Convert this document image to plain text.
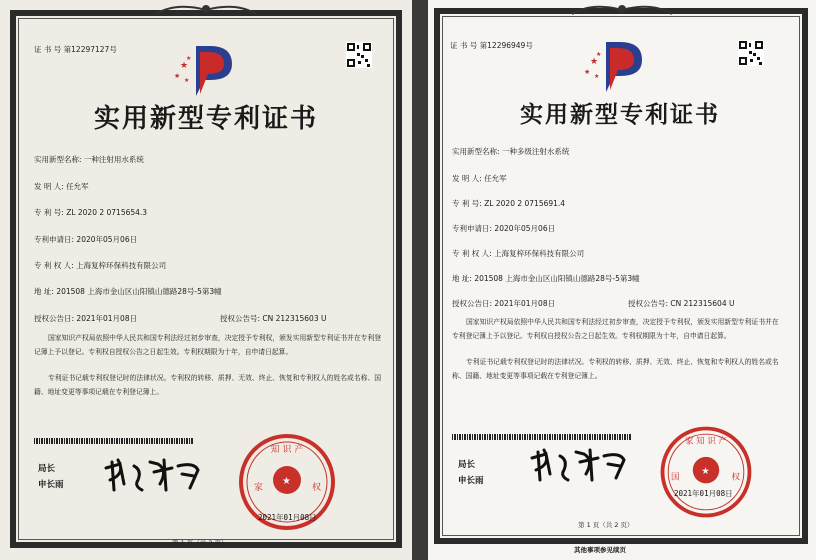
证 书 号 第12297127号
★
★
★
★
实用新型专利证书
实用新型名称: 一种注射用水系统
发 明 人: 任允军
专 利 号: ZL 2020 2 0715654.3
专利申请日: 2020年05月06日
专 利 权 人: 上海复梓环保科技有限公司
地 址: 201508 上海市金山区山阳镇山德路28号-5第3幢
授权公告日: 2021年01月08日	授权公告号: CN 212315603 U
国家知识产权局依照中华人民共和国专利法经过初步审查，决定授予专利权，颁发实用新型专利证书并在专利登记簿上予以登记。专利权自授权公告之日起生效。专利权期限为十年，自申请日起算。
专利证书记载专利权登记时的法律状况。专利权的转移、质押、无效、终止、恢复和专利权人的姓名或名称、国籍、地址变更等事项记载在专利登记簿上。
局长
申长雨	★
知 识 产
家	权
2021年01月08日
第 1 页（共 2 页）
证 书 号 第12296949号
★
★
★
★
实用新型专利证书
实用新型名称: 一种多级注射水系统
发 明 人: 任允军
专 利 号: ZL 2020 2 0715691.4
专利申请日: 2020年05月06日
专 利 权 人: 上海复梓环保科技有限公司
地 址: 201508 上海市金山区山阳镇山德路28号-5第3幢
授权公告日: 2021年01月08日	授权公告号: CN 212315604 U
国家知识产权局依照中华人民共和国专利法经过初步审查，决定授予专利权，颁发实用新型专利证书并在专利登记簿上予以登记。专利权自授权公告之日起生效。专利权期限为十年，自申请日起算。
专利证书记载专利权登记时的法律状况。专利权的转移、质押、无效、终止、恢复和专利权人的姓名或名称、国籍、地址变更等事项记载在专利登记簿上。
局长
申长雨
★
家 知 识 产
国	权
2021年01月08日
第 1 页（共 2 页）
其他事项参见续页
